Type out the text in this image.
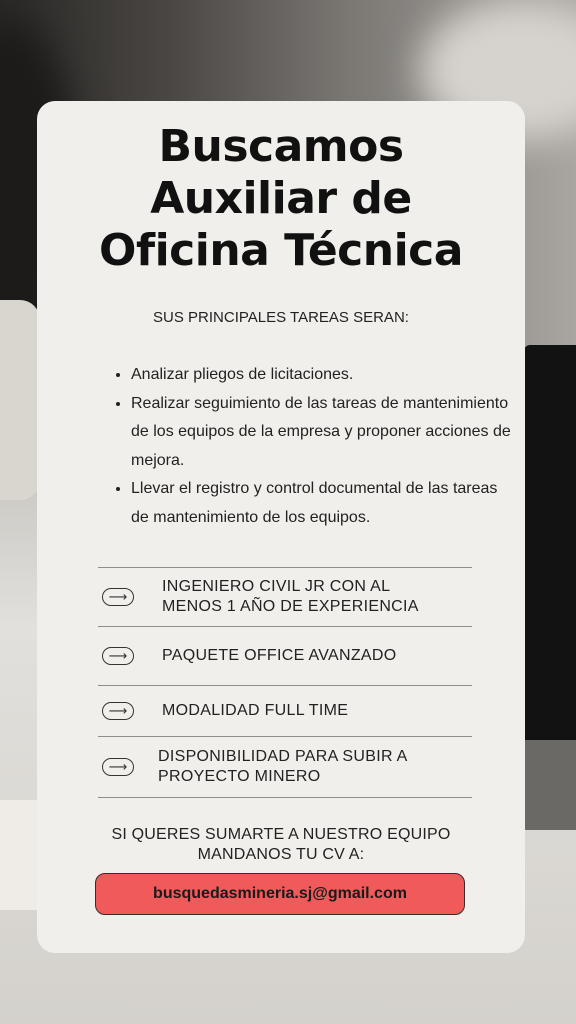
Buscamos
Auxiliar de
Oficina Técnica
SUS PRINCIPALES TAREAS SERAN:
• Analizar pliegos de licitaciones.
• Realizar seguimiento de las tareas de mantenimiento de los equipos de la empresa y proponer acciones de mejora.
• Llevar el registro y control documental de las tareas de mantenimiento de los equipos.
⟶
INGENIERO CIVIL JR CON AL
MENOS 1 AÑO DE EXPERIENCIA
⟶	PAQUETE OFFICE AVANZADO
⟶	MODALIDAD FULL TIME
⟶
DISPONIBILIDAD PARA SUBIR A
PROYECTO MINERO
SI QUERES SUMARTE A NUESTRO EQUIPO
MANDANOS TU CV A:
busquedasmineria.sj@gmail.com
